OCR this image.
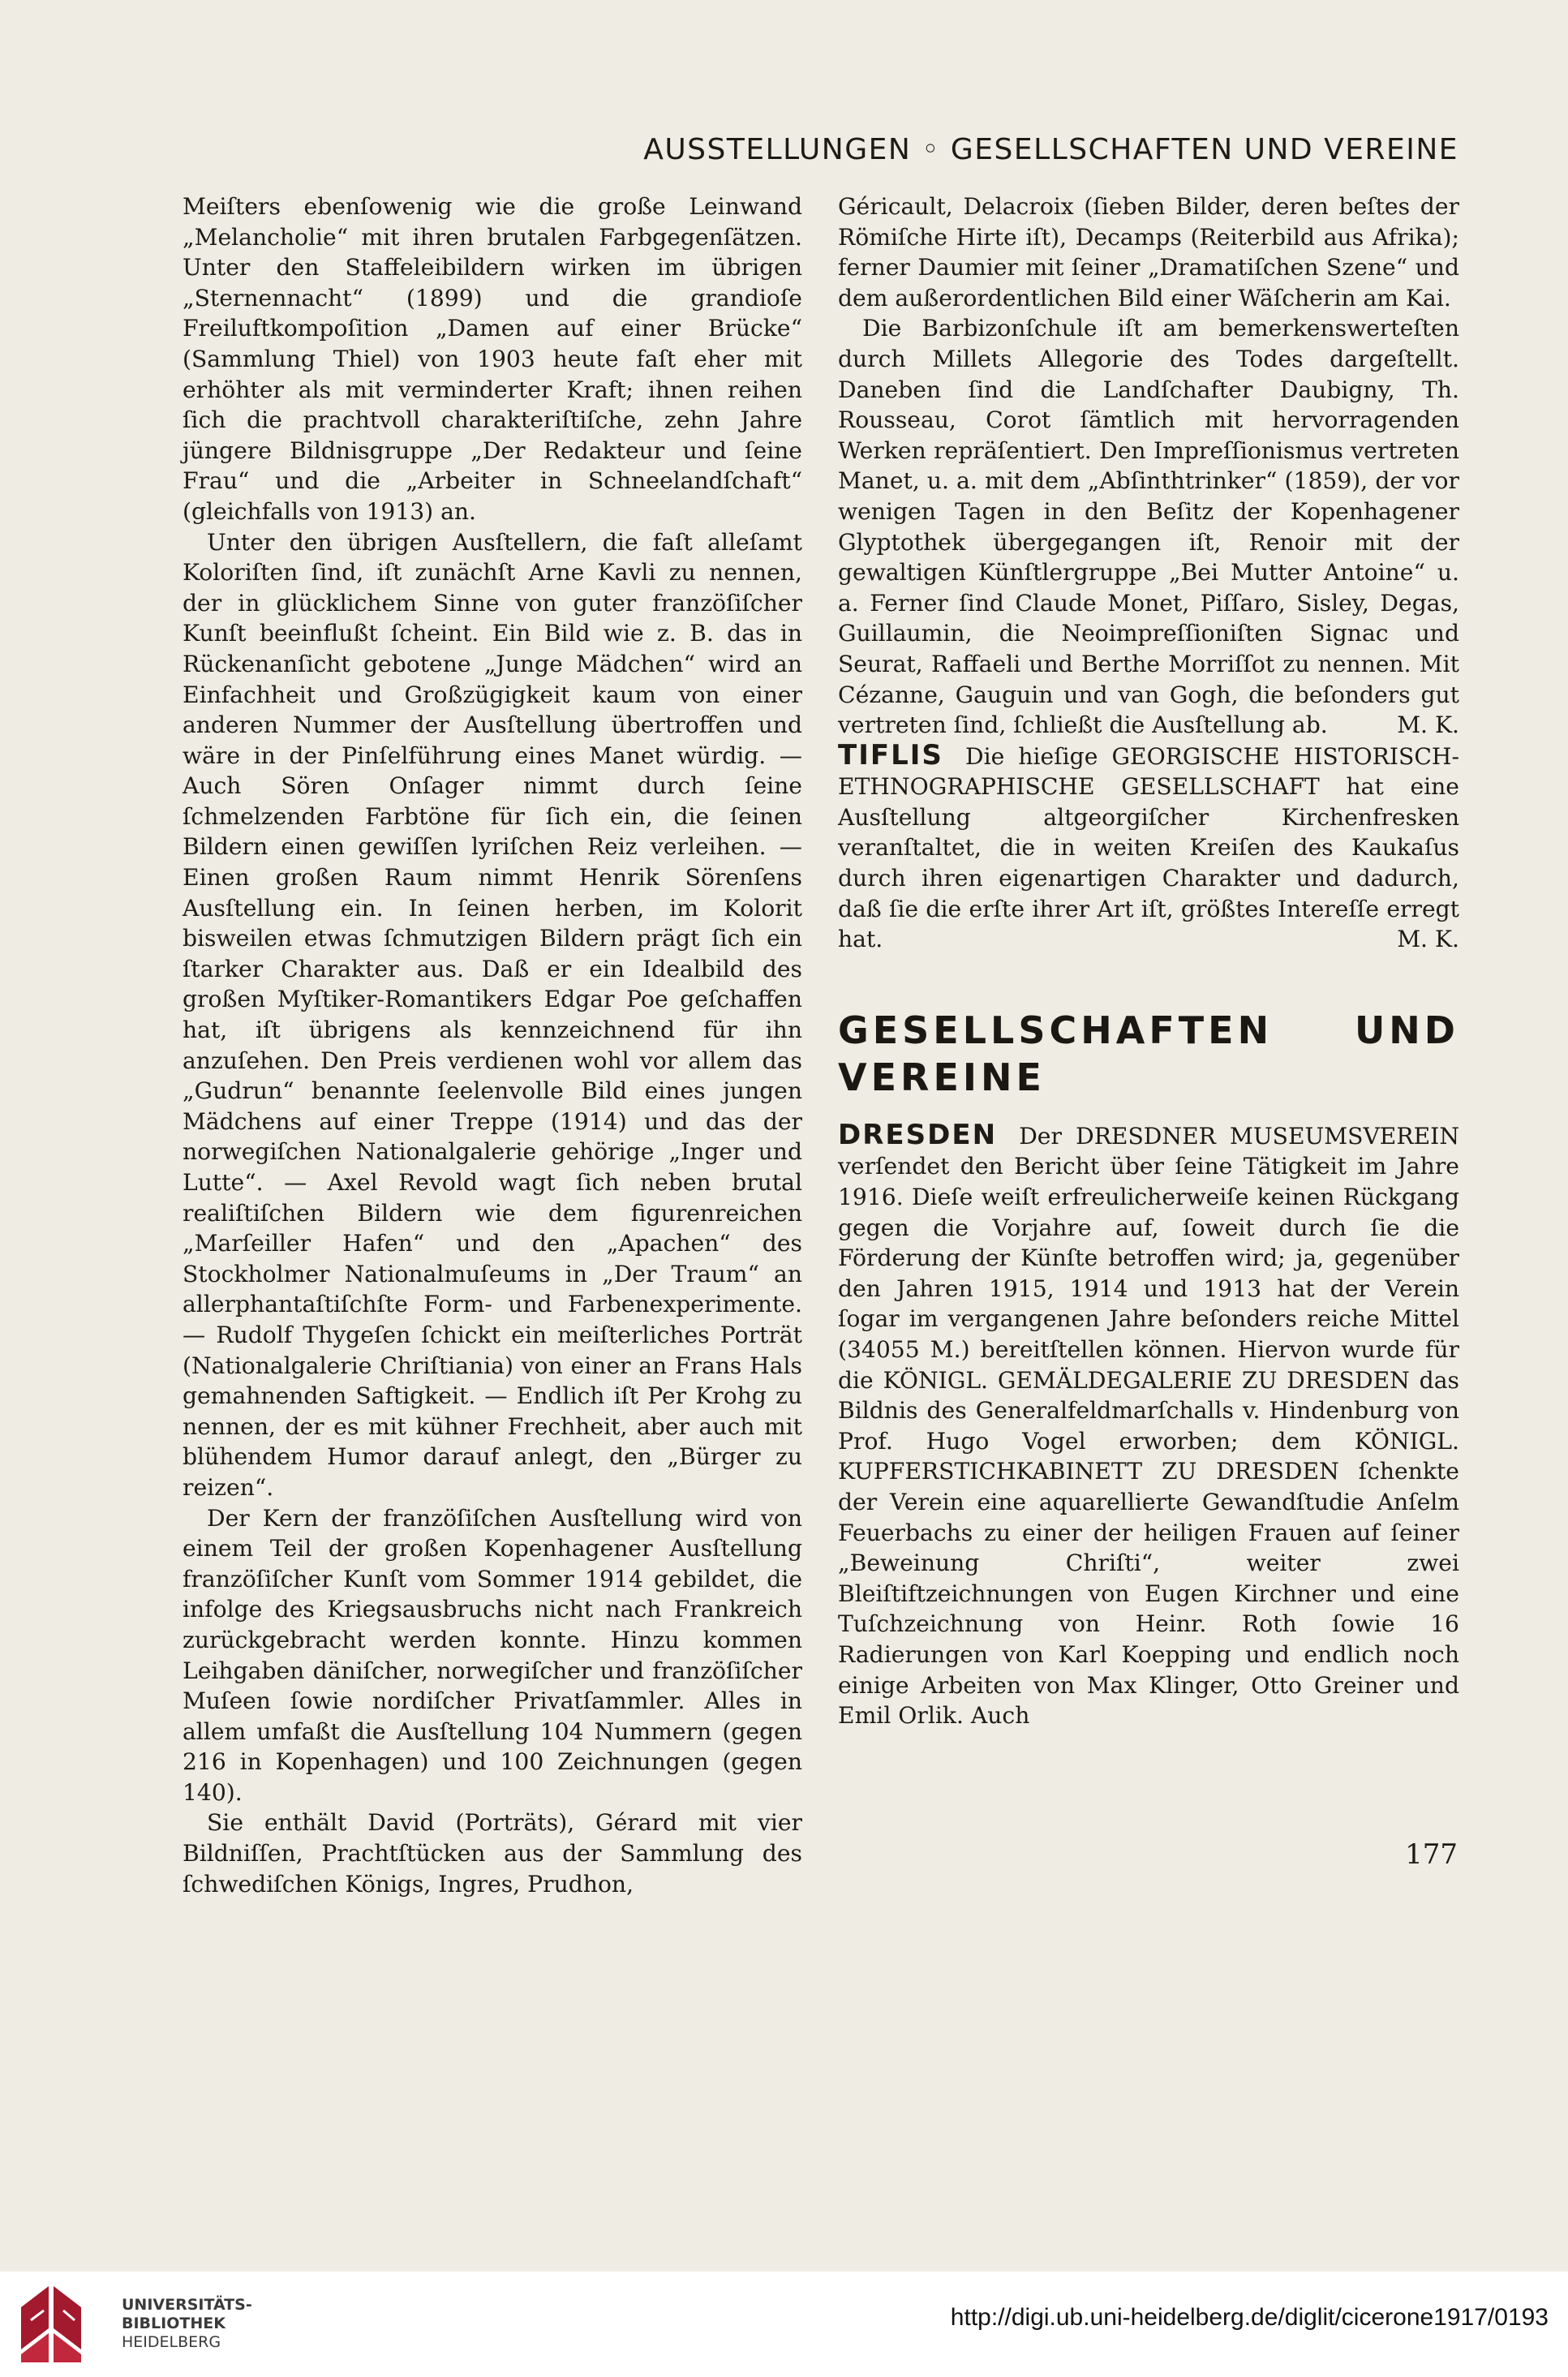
AUSSTELLUNGEN ◦ GESELLSCHAFTEN UND VEREINE

Meiſters ebenſowenig wie die große Leinwand „Melancholie“ mit ihren brutalen Farbgegenſätzen. Unter den Staffeleibildern wirken im übrigen „Sternennacht“ (1899) und die grandioſe Freiluftkompoſition „Damen auf einer Brücke“ (Sammlung Thiel) von 1903 heute faſt eher mit erhöhter als mit verminderter Kraft; ihnen reihen ſich die prachtvoll charakteriſtiſche, zehn Jahre jüngere Bildnisgruppe „Der Redakteur und ſeine Frau“ und die „Arbeiter in Schneelandſchaft“ (gleichfalls von 1913) an.

Unter den übrigen Ausſtellern, die faſt alleſamt Koloriſten ſind, iſt zunächſt Arne Kavli zu nennen, der in glücklichem Sinne von guter franzöſiſcher Kunſt beeinflußt ſcheint. Ein Bild wie z. B. das in Rückenanſicht gebotene „Junge Mädchen“ wird an Einfachheit und Großzügigkeit kaum von einer anderen Nummer der Ausſtellung übertroffen und wäre in der Pinſelführung eines Manet würdig. — Auch Sören Onſager nimmt durch ſeine ſchmelzenden Farbtöne für ſich ein, die ſeinen Bildern einen gewiſſen lyriſchen Reiz verleihen. — Einen großen Raum nimmt Henrik Sörenſens Ausſtellung ein. In ſeinen herben, im Kolorit bisweilen etwas ſchmutzigen Bildern prägt ſich ein ſtarker Charakter aus. Daß er ein Idealbild des großen Myſtiker-Romantikers Edgar Poe geſchaffen hat, iſt übrigens als kennzeichnend für ihn anzuſehen. Den Preis verdienen wohl vor allem das „Gudrun“ benannte ſeelenvolle Bild eines jungen Mädchens auf einer Treppe (1914) und das der norwegiſchen Nationalgalerie gehörige „Inger und Lutte“. — Axel Revold wagt ſich neben brutal realiſtiſchen Bildern wie dem figurenreichen „Marſeiller Hafen“ und den „Apachen“ des Stockholmer Nationalmuſeums in „Der Traum“ an allerphantaſtiſchſte Form- und Farbenexperimente. — Rudolf Thygeſen ſchickt ein meiſterliches Porträt (Nationalgalerie Chriſtiania) von einer an Frans Hals gemahnenden Saftigkeit. — Endlich iſt Per Krohg zu nennen, der es mit kühner Frechheit, aber auch mit blühendem Humor darauf anlegt, den „Bürger zu reizen“.

Der Kern der franzöſiſchen Ausſtellung wird von einem Teil der großen Kopenhagener Ausſtellung franzöſiſcher Kunſt vom Sommer 1914 gebildet, die infolge des Kriegsausbruchs nicht nach Frankreich zurückgebracht werden konnte. Hinzu kommen Leihgaben däniſcher, norwegiſcher und franzöſiſcher Muſeen ſowie nordiſcher Privatſammler. Alles in allem umfaßt die Ausſtellung 104 Nummern (gegen 216 in Kopenhagen) und 100 Zeichnungen (gegen 140).

Sie enthält David (Porträts), Gérard mit vier Bildniſſen, Prachtſtücken aus der Sammlung des ſchwediſchen Königs, Ingres, Prudhon,

Géricault, Delacroix (ſieben Bilder, deren beſtes der Römiſche Hirte iſt), Decamps (Reiterbild aus Afrika); ferner Daumier mit ſeiner „Dramatiſchen Szene“ und dem außerordentlichen Bild einer Wäſcherin am Kai.

Die Barbizonſchule iſt am bemerkenswerteſten durch Millets Allegorie des Todes dargeſtellt. Daneben ſind die Landſchafter Daubigny, Th. Rousseau, Corot ſämtlich mit hervorragenden Werken repräſentiert. Den Impreſſionismus vertreten Manet, u. a. mit dem „Abſinthtrinker“ (1859), der vor wenigen Tagen in den Beſitz der Kopenhagener Glyptothek übergegangen iſt, Renoir mit der gewaltigen Künſtlergruppe „Bei Mutter Antoine“ u. a. Ferner ſind Claude Monet, Piſſaro, Sisley, Degas, Guillaumin, die Neoimpreſſioniſten Signac und Seurat, Raffaeli und Berthe Morriſſot zu nennen. Mit Cézanne, Gauguin und van Gogh, die beſonders gut vertreten ſind, ſchließt die Ausſtellung ab.	M. K.

TIFLIS Die hieſige GEORGISCHE HISTORISCH-ETHNOGRAPHISCHE GESELLSCHAFT hat eine Ausſtellung altgeorgiſcher Kirchenfresken veranſtaltet, die in weiten Kreiſen des Kaukaſus durch ihren eigenartigen Charakter und dadurch, daß ſie die erſte ihrer Art iſt, größtes Intereſſe erregt hat.	M. K.

GESELLSCHAFTEN UND VEREINE

DRESDEN Der DRESDNER MUSEUMSVEREIN verſendet den Bericht über ſeine Tätigkeit im Jahre 1916. Dieſe weiſt erfreulicherweiſe keinen Rückgang gegen die Vorjahre auf, ſoweit durch ſie die Förderung der Künſte betroffen wird; ja, gegenüber den Jahren 1915, 1914 und 1913 hat der Verein ſogar im vergangenen Jahre beſonders reiche Mittel (34055 M.) bereitſtellen können. Hiervon wurde für die KÖNIGL. GEMÄLDEGALERIE ZU DRESDEN das Bildnis des Generalfeldmarſchalls v. Hindenburg von Prof. Hugo Vogel erworben; dem KÖNIGL. KUPFERSTICHKABINETT ZU DRESDEN ſchenkte der Verein eine aquarellierte Gewandſtudie Anſelm Feuerbachs zu einer der heiligen Frauen auf ſeiner „Beweinung Chriſti“, weiter zwei Bleiſtiftzeichnungen von Eugen Kirchner und eine Tuſchzeichnung von Heinr. Roth ſowie 16 Radierungen von Karl Koepping und endlich noch einige Arbeiten von Max Klinger, Otto Greiner und Emil Orlik. Auch

177
UNIVERSITÄTS-
BIBLIOTHEK
HEIDELBERG
http://digi.ub.uni-heidelberg.de/diglit/cicerone1917/0193
